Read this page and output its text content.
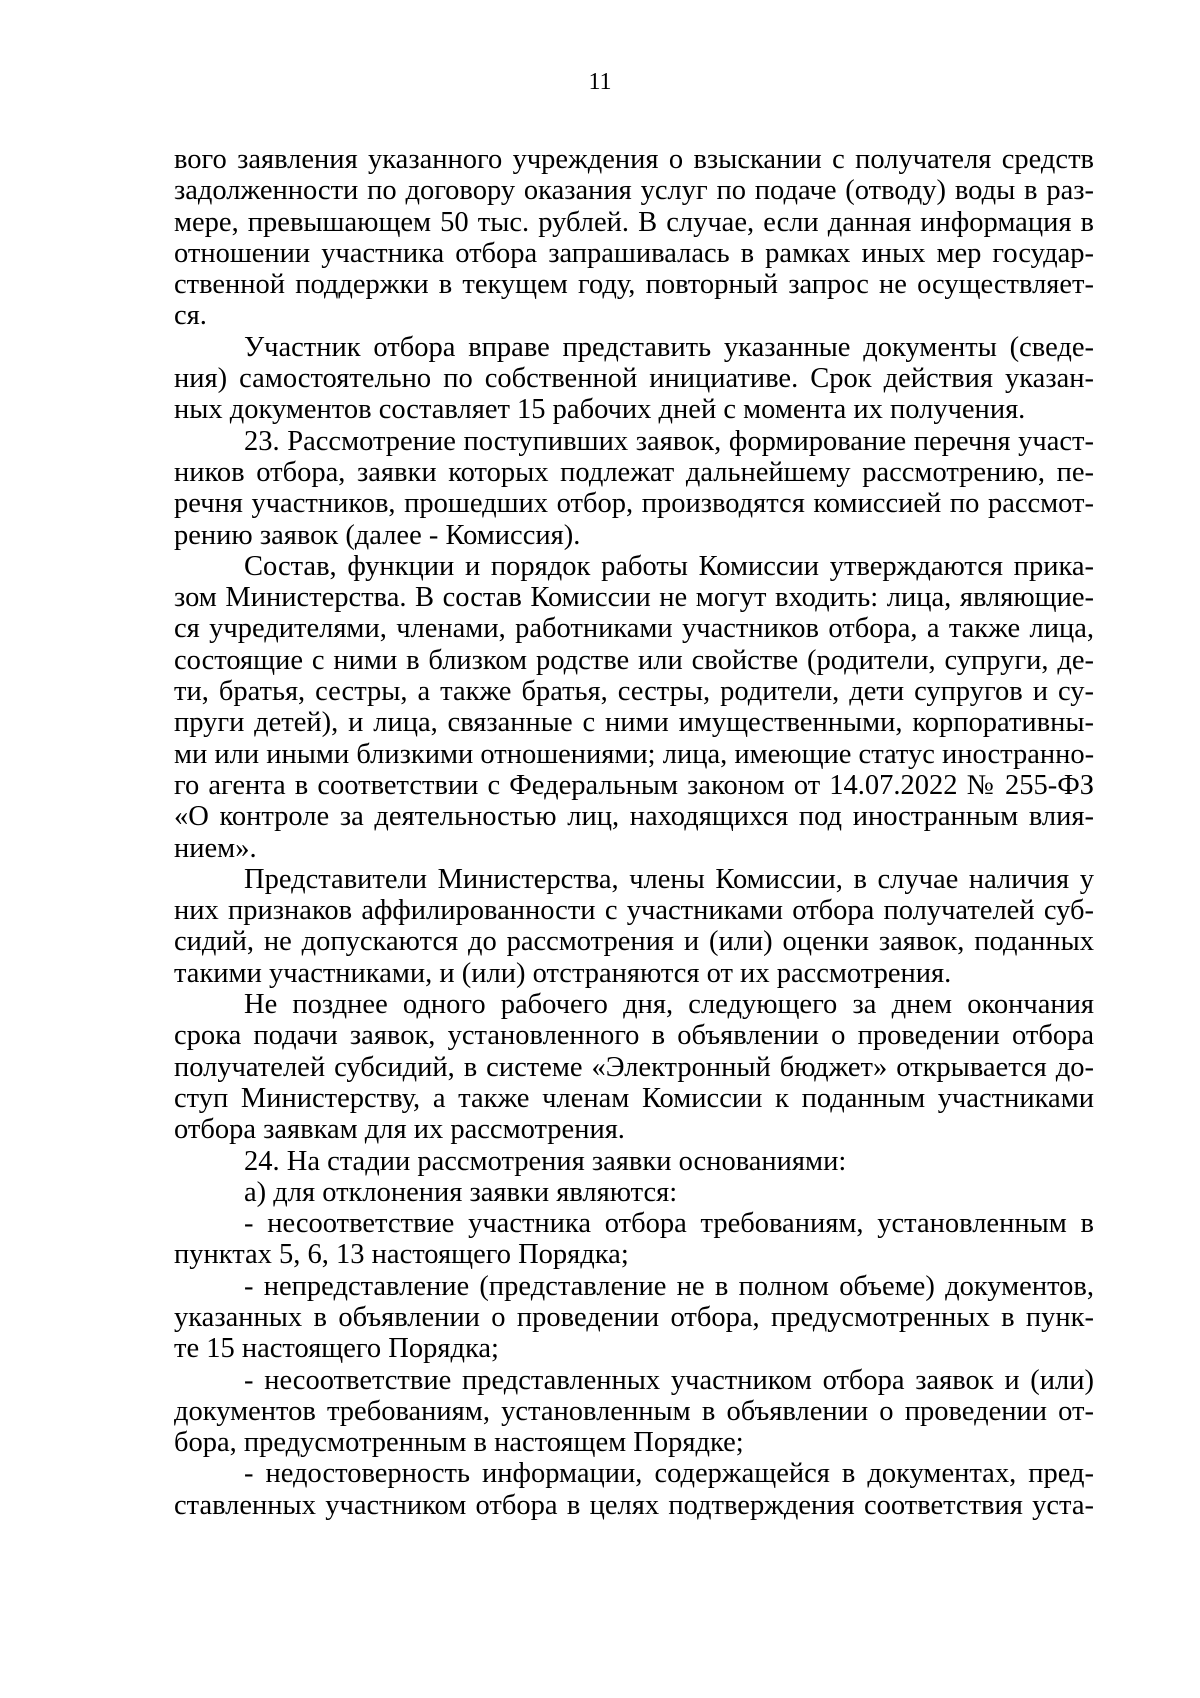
11
вого заявления указанного учреждения о взыскании с получателя средств
задолженности по договору оказания услуг по подаче (отводу) воды в раз-
мере, превышающем 50 тыс. рублей. В случае, если данная информация в
отношении участника отбора запрашивалась в рамках иных мер государ-
ственной поддержки в текущем году, повторный запрос не осуществляет-
ся.
Участник отбора вправе представить указанные документы (сведе-
ния) самостоятельно по собственной инициативе. Срок действия указан-
ных документов составляет 15 рабочих дней с момента их получения.
23. Рассмотрение поступивших заявок, формирование перечня участ-
ников отбора, заявки которых подлежат дальнейшему рассмотрению, пе-
речня участников, прошедших отбор, производятся комиссией по рассмот-
рению заявок (далее - Комиссия).
Состав, функции и порядок работы Комиссии утверждаются прика-
зом Министерства. В состав Комиссии не могут входить: лица, являющие-
ся учредителями, членами, работниками участников отбора, а также лица,
состоящие с ними в близком родстве или свойстве (родители, супруги, де-
ти, братья, сестры, а также братья, сестры, родители, дети супругов и су-
пруги детей), и лица, связанные с ними имущественными, корпоративны-
ми или иными близкими отношениями; лица, имеющие статус иностранно-
го агента в соответствии с Федеральным законом от 14.07.2022 № 255-ФЗ
«О контроле за деятельностью лиц, находящихся под иностранным влия-
нием».
Представители Министерства, члены Комиссии, в случае наличия у
них признаков аффилированности с участниками отбора получателей суб-
сидий, не допускаются до рассмотрения и (или) оценки заявок, поданных
такими участниками, и (или) отстраняются от их рассмотрения.
Не позднее одного рабочего дня, следующего за днем окончания
срока подачи заявок, установленного в объявлении о проведении отбора
получателей субсидий, в системе «Электронный бюджет» открывается до-
ступ Министерству, а также членам Комиссии к поданным участниками
отбора заявкам для их рассмотрения.
24. На стадии рассмотрения заявки основаниями:
а) для отклонения заявки являются:
- несоответствие участника отбора требованиям, установленным в
пунктах 5, 6, 13 настоящего Порядка;
- непредставление (представление не в полном объеме) документов,
указанных в объявлении о проведении отбора, предусмотренных в пунк-
те 15 настоящего Порядка;
- несоответствие представленных участником отбора заявок и (или)
документов требованиям, установленным в объявлении о проведении от-
бора, предусмотренным в настоящем Порядке;
- недостоверность информации, содержащейся в документах, пред-
ставленных участником отбора в целях подтверждения соответствия уста-
